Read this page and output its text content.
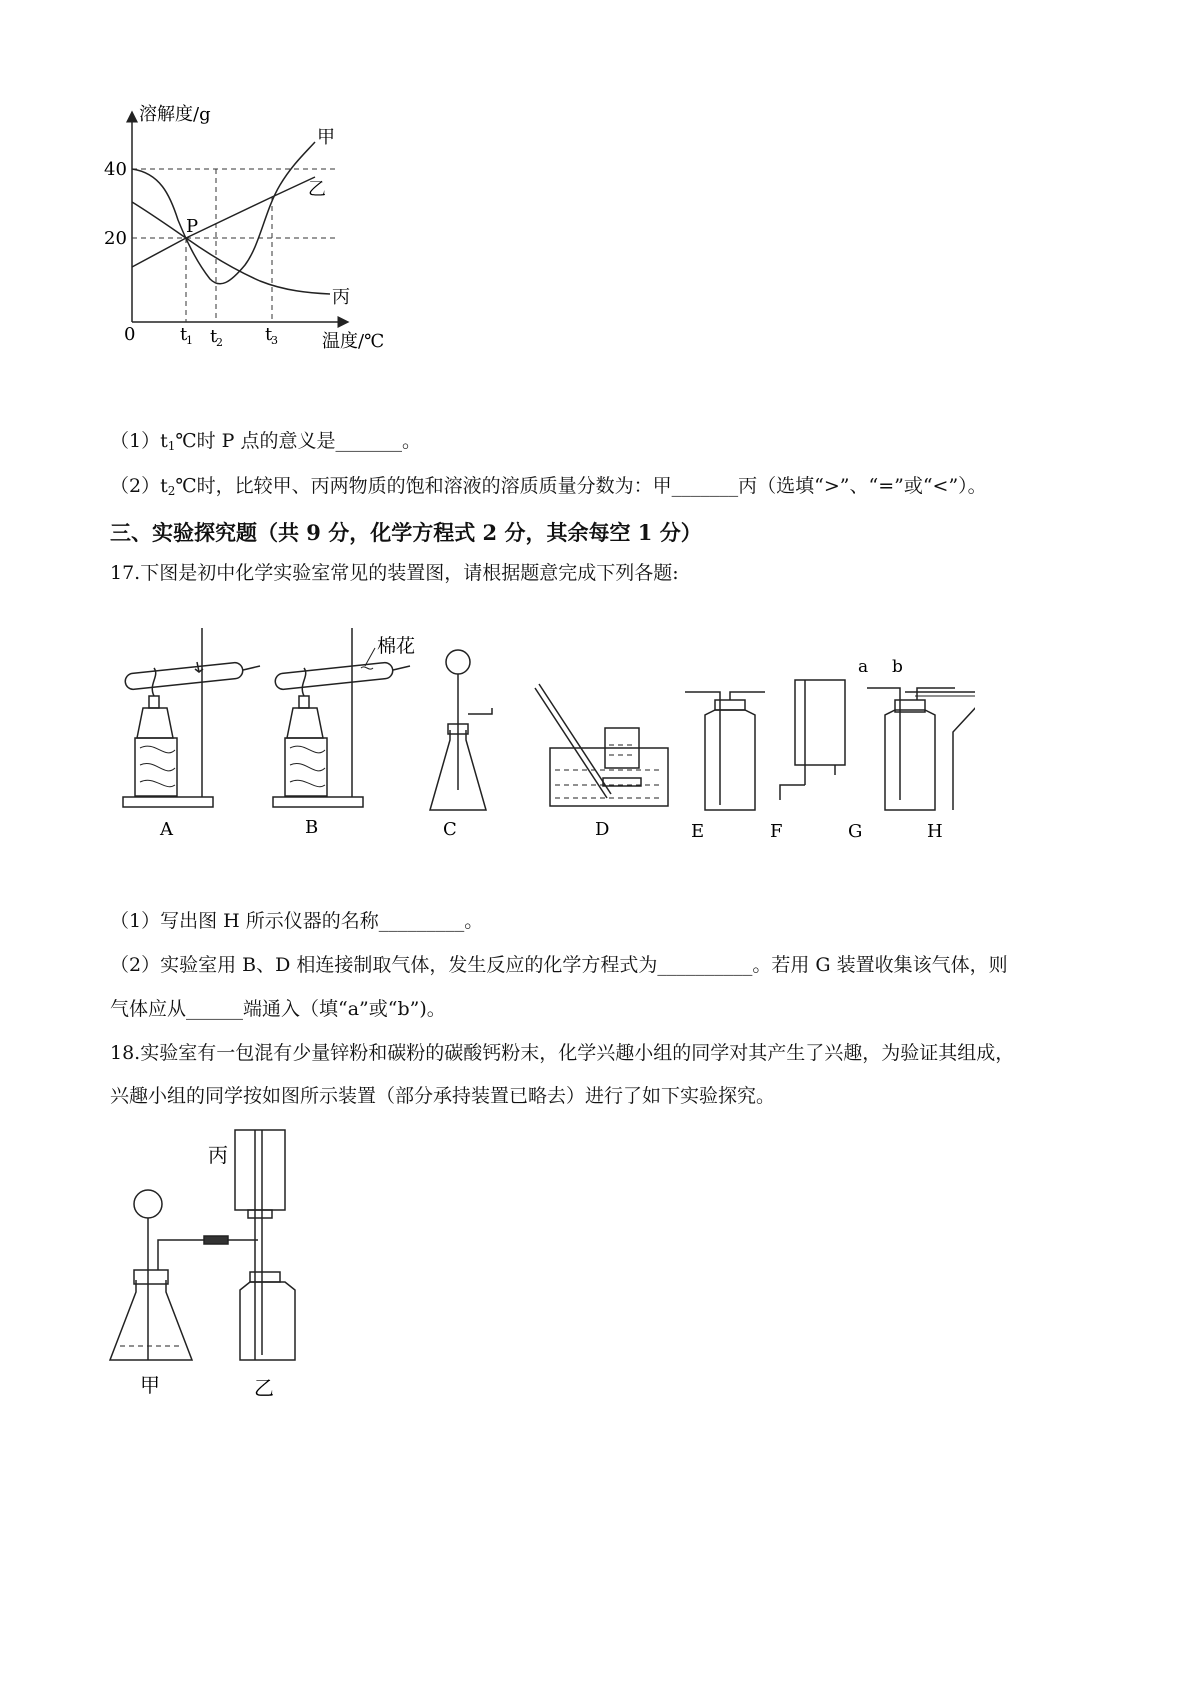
溶解度/g
温度/℃
0
20
40
P
甲
乙
丙
t
1 t
2 t
3
$(1)t_1℃$时 P 点的意义是_______。
$(2)t_2℃$时，比较甲、丙两物质的饱和溶液的溶质质量分数为：甲_______丙（选填“>”、“=”或“<”）。
三、实验探究题（共 9 分，化学方程式 2 分，其余每空 1 分）
17.下图是初中化学实验室常见的装置图，请根据题意完成下列各题:
棉花
a b
A	B	C	D	E	F	G	H
（1）写出图 H 所示仪器的名称_________。
（2）实验室用 B、D 相连接制取气体，发生反应的化学方程式为__________。若用 G 装置收集该气体，则
气体应从______端通入（填“a”或“b”)。
18.实验室有一包混有少量锌粉和碳粉的碳酸钙粉末，化学兴趣小组的同学对其产生了兴趣，为验证其组成，
兴趣小组的同学按如图所示装置（部分承持装置已略去）进行了如下实验探究。
丙
甲	乙
